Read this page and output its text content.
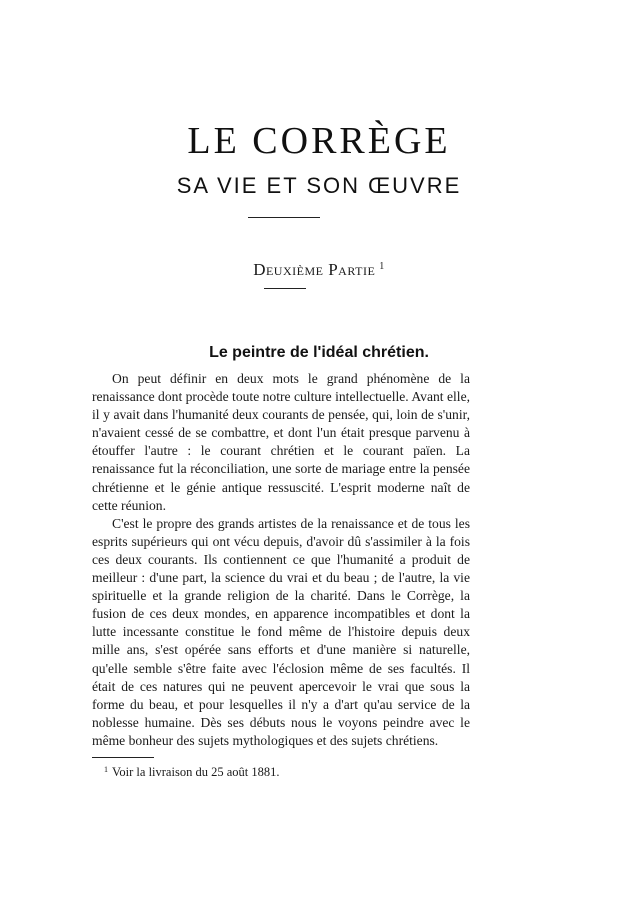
LE CORRÈGE
SA VIE ET SON ŒUVRE
Deuxième Partie $^1$
Le peintre de l'idéal chrétien.

On peut définir en deux mots le grand phénomène de la renaissance dont procède toute notre culture intellectuelle. Avant elle, il y avait dans l'humanité deux courants de pensée, qui, loin de s'unir, n'avaient cessé de se combattre, et dont l'un était presque parvenu à étouffer l'autre : le courant chrétien et le courant païen. La renaissance fut la réconciliation, une sorte de mariage entre la pensée chrétienne et le génie antique ressuscité. L'esprit moderne naît de cette réunion.

C'est le propre des grands artistes de la renaissance et de tous les esprits supérieurs qui ont vécu depuis, d'avoir dû s'assimiler à la fois ces deux courants. Ils contiennent ce que l'humanité a produit de meilleur : d'une part, la science du vrai et du beau ; de l'autre, la vie spirituelle et la grande religion de la charité. Dans le Corrège, la fusion de ces deux mondes, en apparence incompatibles et dont la lutte incessante constitue le fond même de l'histoire depuis deux mille ans, s'est opérée sans efforts et d'une manière si naturelle, qu'elle semble s'être faite avec l'éclosion même de ses facultés. Il était de ces natures qui ne peuvent apercevoir le vrai que sous la forme du beau, et pour lesquelles il n'y a d'art qu'au service de la noblesse humaine. Dès ses débuts nous le voyons peindre avec le même bonheur des sujets mythologiques et des sujets chrétiens.

$^1$ Voir la livraison du 25 août 1881.
